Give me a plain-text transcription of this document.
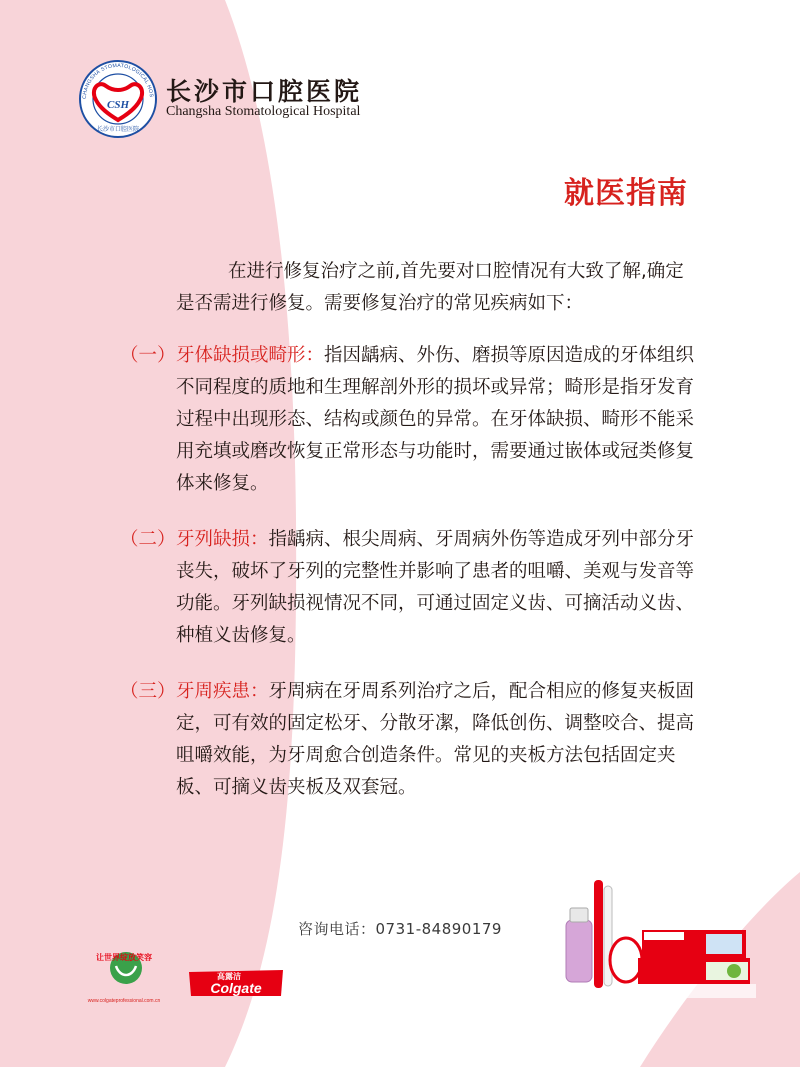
CSH
CHANGSHA STOMATOLOGICAL HOS
长沙市口腔医院
长沙市口腔医院
Changsha Stomatological Hospital
就医指南

在进行修复治疗之前,首先要对口腔情况有大致了解,确定是否需进行修复。需要修复治疗的常见疾病如下：

（一） 牙体缺损或畸形：指因龋病、外伤、磨损等原因造成的牙体组织不同程度的质地和生理解剖外形的损坏或异常；畸形是指牙发育过程中出现形态、结构或颜色的异常。在牙体缺损、畸形不能采用充填或磨改恢复正常形态与功能时，需要通过嵌体或冠类修复体来修复。

（二） 牙列缺损：指龋病、根尖周病、牙周病外伤等造成牙列中部分牙丧失，破坏了牙列的完整性并影响了患者的咀嚼、美观与发音等功能。牙列缺损视情况不同，可通过固定义齿、可摘活动义齿、种植义齿修复。

（三） 牙周疾患：牙周病在牙周系列治疗之后，配合相应的修复夹板固定，可有效的固定松牙、分散牙㓗，降低创伤、调整咬合、提高咀嚼效能，为牙周愈合创造条件。常见的夹板方法包括固定夹板、可摘义齿夹板及双套冠。

咨询电话：0731-84890179
让世界绽放笑容
www.colgateprofessional.com.cn
高露洁
Colgate
